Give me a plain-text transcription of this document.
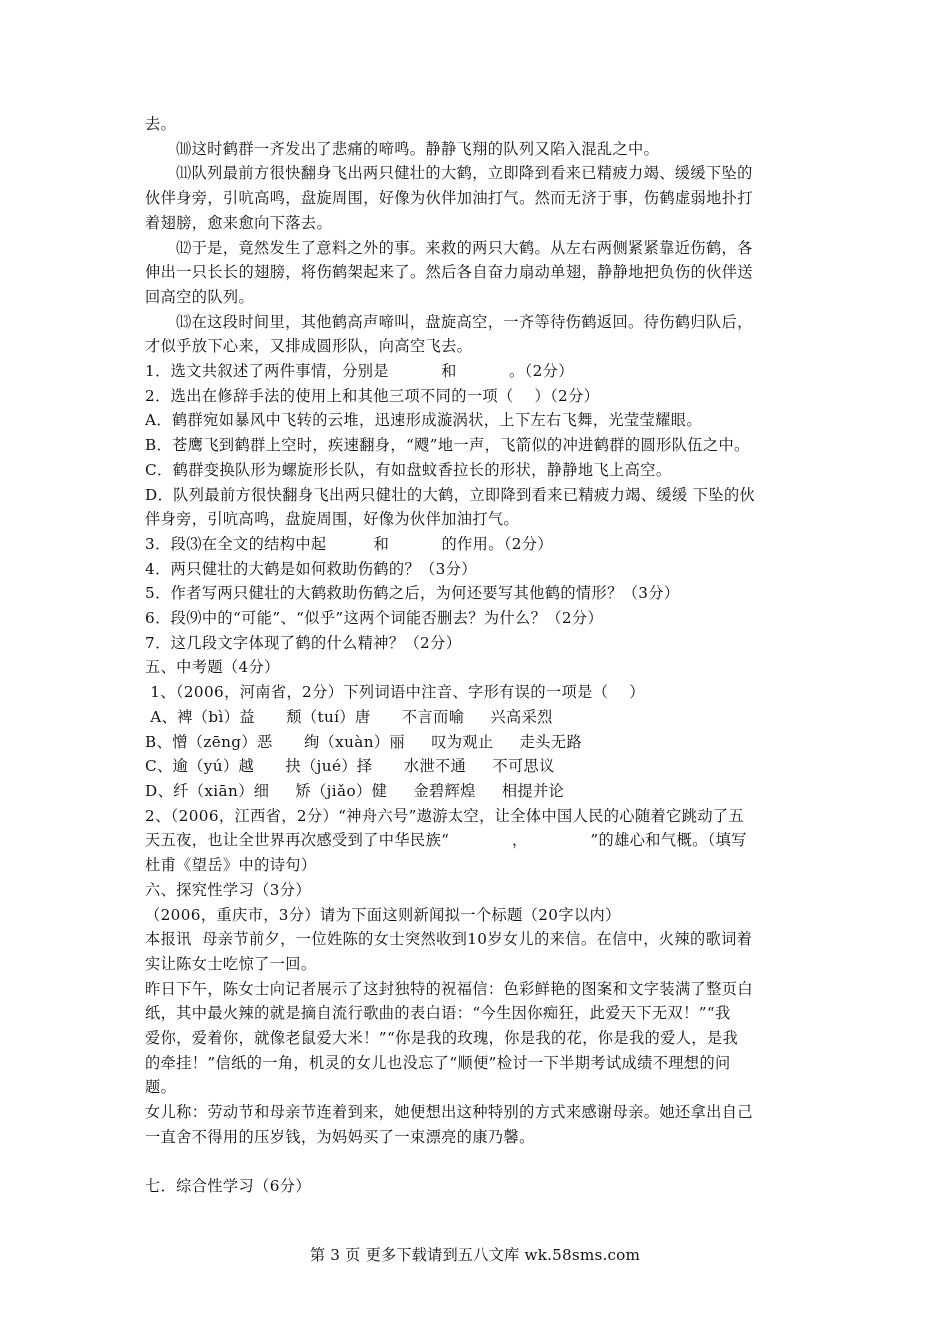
去。
⑽这时鹤群一齐发出了悲痛的啼鸣。静静飞翔的队列又陷入混乱之中。
⑾队列最前方很快翻身飞出两只健壮的大鹤，立即降到看来已精疲力竭、缓缓下坠的
伙伴身旁，引吭高鸣，盘旋周围，好像为伙伴加油打气。然而无济于事，伤鹤虚弱地扑打
着翅膀，愈来愈向下落去。
⑿于是，竟然发生了意料之外的事。来救的两只大鹤。从左右两侧紧紧靠近伤鹤，各
伸出一只长长的翅膀，将伤鹤架起来了。然后各自奋力扇动单翅，静静地把负伤的伙伴送
回高空的队列。
⒀在这段时间里，其他鹤高声啼叫，盘旋高空，一齐等待伤鹤返回。待伤鹤归队后，
才似乎放下心来，又排成圆形队，向高空飞去。
1．选文共叙述了两件事情，分别是          和          。（2分）
2．选出在修辞手法的使用上和其他三项不同的一项（    ）（2分）
A．鹤群宛如暴风中飞转的云堆，迅速形成漩涡状，上下左右飞舞，光莹莹耀眼。
B．苍鹰飞到鹤群上空时，疾速翻身，“飕”地一声，飞箭似的冲进鹤群的圆形队伍之中。
C．鹤群变换队形为螺旋形长队，有如盘蚊香拉长的形状，静静地飞上高空。
D．队列最前方很快翻身飞出两只健壮的大鹤，立即降到看来已精疲力竭、缓缓 下坠的伙
伴身旁，引吭高鸣，盘旋周围，好像为伙伴加油打气。
3．段⑶在全文的结构中起         和          的作用。（2分）
4．两只健壮的大鹤是如何救助伤鹤的？（3分）
5．作者写两只健壮的大鹤救助伤鹤之后，为何还要写其他鹤的情形？（3分）
6．段⑼中的“可能”、“似乎”这两个词能否删去？为什么？（2分）
7．这几段文字体现了鹤的什么精神？（2分）
五、中考题（4分）
1、（2006，河南省，2分）下列词语中注音、字形有误的一项是（    ）
A、裨（bì）益      颓（tuí）唐      不言而喻     兴高采烈
B、憎（zēng）恶      绚（xuàn）丽     叹为观止     走头无路
C、逾（yú）越      抉（jué）择      水泄不通     不可思议
D、纤（xiān）细     矫（jiǎo）健     金碧辉煌     相提并论
2、（2006，江西省，2分）“神舟六号”遨游太空，让全体中国人民的心随着它跳动了五
天五夜，也让全世界再次感受到了中华民族“            ，            ”的雄心和气概。（填写
杜甫《望岳》中的诗句）
六、探究性学习（3分）
（2006，重庆市，3分）请为下面这则新闻拟一个标题（20字以内）
本报讯  母亲节前夕，一位姓陈的女士突然收到10岁女儿的来信。在信中，火辣的歌词着
实让陈女士吃惊了一回。
昨日下午，陈女士向记者展示了这封独特的祝福信：色彩鲜艳的图案和文字装满了整页白
纸，其中最火辣的就是摘自流行歌曲的表白语：“今生因你痴狂，此爱天下无双！”“我
爱你，爱着你，就像老鼠爱大米！”“你是我的玫瑰，你是我的花，你是我的爱人，是我
的牵挂！”信纸的一角，机灵的女儿也没忘了“顺便”检讨一下半期考试成绩不理想的问
题。
女儿称：劳动节和母亲节连着到来，她便想出这种特别的方式来感谢母亲。她还拿出自己
一直舍不得用的压岁钱，为妈妈买了一束漂亮的康乃馨。
七．综合性学习（6分）
第 3 页 更多下载请到五八文库 wk.58sms.com
